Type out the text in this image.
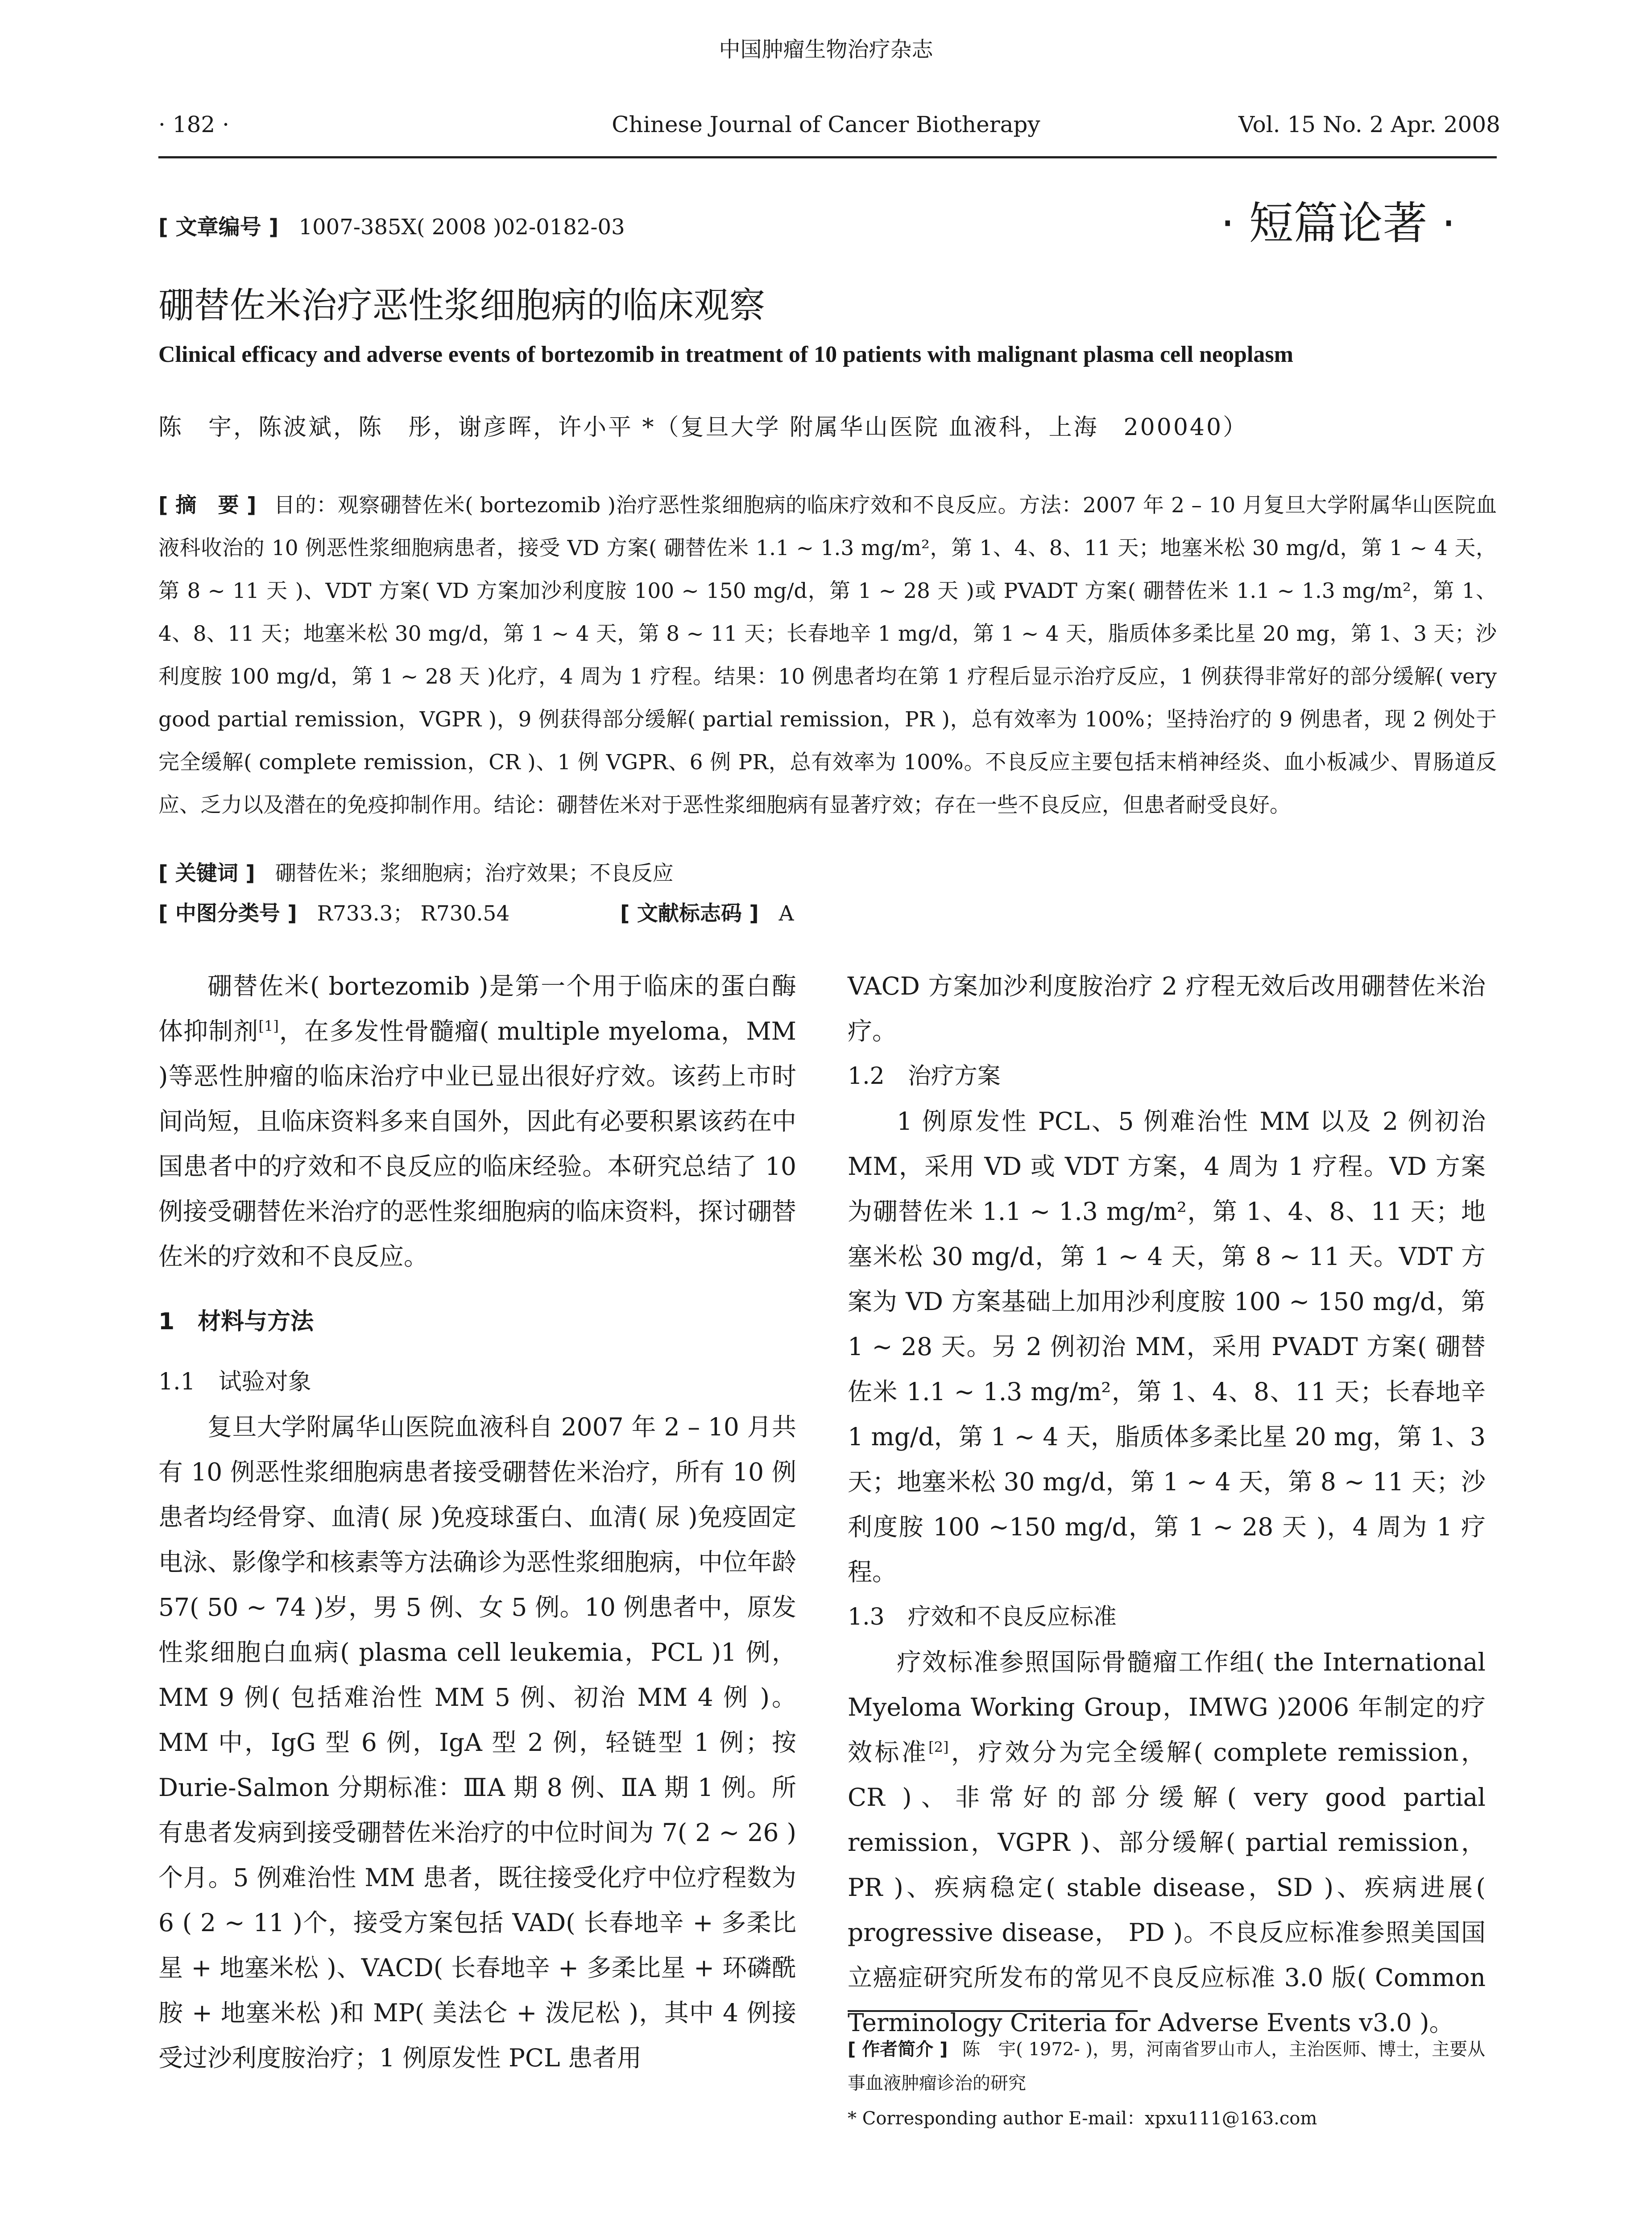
中国肿瘤生物治疗杂志
· 182 ·	Chinese Journal of Cancer Biotherapy	Vol. 15 No. 2 Apr. 2008
[ 文章编号 ] 1007-385X( 2008 )02-0182-03	· 短篇论著 ·
硼替佐米治疗恶性浆细胞病的临床观察
Clinical efficacy and adverse events of bortezomib in treatment of 10 patients with malignant plasma cell neoplasm
陈　宇，陈波斌，陈　彤，谢彦晖，许小平 *（复旦大学 附属华山医院 血液科，上海　200040）
[ 摘　要 ] 目的：观察硼替佐米( bortezomib )治疗恶性浆细胞病的临床疗效和不良反应。方法：2007 年 2 – 10 月复旦大学附属华山医院血液科收治的 10 例恶性浆细胞病患者，接受 VD 方案( 硼替佐米 1.1 ~ 1.3 mg/m²，第 1、4、8、11 天；地塞米松 30 mg/d，第 1 ~ 4 天，第 8 ~ 11 天 )、VDT 方案( VD 方案加沙利度胺 100 ~ 150 mg/d，第 1 ~ 28 天 )或 PVADT 方案( 硼替佐米 1.1 ~ 1.3 mg/m²，第 1、4、8、11 天；地塞米松 30 mg/d，第 1 ~ 4 天，第 8 ~ 11 天；长春地辛 1 mg/d，第 1 ~ 4 天，脂质体多柔比星 20 mg，第 1、3 天；沙利度胺 100 mg/d，第 1 ~ 28 天 )化疗，4 周为 1 疗程。结果：10 例患者均在第 1 疗程后显示治疗反应，1 例获得非常好的部分缓解( very good partial remission，VGPR )，9 例获得部分缓解( partial remission，PR )，总有效率为 100%；坚持治疗的 9 例患者，现 2 例处于完全缓解( complete remission，CR )、1 例 VGPR、6 例 PR，总有效率为 100%。不良反应主要包括末梢神经炎、血小板减少、胃肠道反应、乏力以及潜在的免疫抑制作用。结论：硼替佐米对于恶性浆细胞病有显著疗效；存在一些不良反应，但患者耐受良好。
[ 关键词 ] 硼替佐米；浆细胞病；治疗效果；不良反应
[ 中图分类号 ] R733.3； R730.54	[ 文献标志码 ] A

硼替佐米( bortezomib )是第一个用于临床的蛋白酶体抑制剂[1]，在多发性骨髓瘤( multiple myeloma，MM )等恶性肿瘤的临床治疗中业已显出很好疗效。该药上市时间尚短，且临床资料多来自国外，因此有必要积累该药在中国患者中的疗效和不良反应的临床经验。本研究总结了 10 例接受硼替佐米治疗的恶性浆细胞病的临床资料，探讨硼替佐米的疗效和不良反应。

1　材料与方法
1.1　试验对象

复旦大学附属华山医院血液科自 2007 年 2 – 10 月共有 10 例恶性浆细胞病患者接受硼替佐米治疗，所有 10 例患者均经骨穿、血清( 尿 )免疫球蛋白、血清( 尿 )免疫固定电泳、影像学和核素等方法确诊为恶性浆细胞病，中位年龄 57( 50 ~ 74 )岁，男 5 例、女 5 例。10 例患者中，原发性浆细胞白血病( plasma cell leukemia，PCL )1 例，MM 9 例( 包括难治性 MM 5 例、初治 MM 4 例 )。MM 中，IgG 型 6 例，IgA 型 2 例，轻链型 1 例；按 Durie-Salmon 分期标准：ⅢA 期 8 例、ⅡA 期 1 例。所有患者发病到接受硼替佐米治疗的中位时间为 7( 2 ~ 26 )个月。5 例难治性 MM 患者，既往接受化疗中位疗程数为 6 ( 2 ~ 11 )个，接受方案包括 VAD( 长春地辛 + 多柔比星 + 地塞米松 )、VACD( 长春地辛 + 多柔比星 + 环磷酰胺 + 地塞米松 )和 MP( 美法仑 + 泼尼松 )，其中 4 例接受过沙利度胺治疗；1 例原发性 PCL 患者用

VACD 方案加沙利度胺治疗 2 疗程无效后改用硼替佐米治疗。

1.2　治疗方案

1 例原发性 PCL、5 例难治性 MM 以及 2 例初治 MM，采用 VD 或 VDT 方案，4 周为 1 疗程。VD 方案为硼替佐米 1.1 ~ 1.3 mg/m²，第 1、4、8、11 天；地塞米松 30 mg/d，第 1 ~ 4 天，第 8 ~ 11 天。VDT 方案为 VD 方案基础上加用沙利度胺 100 ~ 150 mg/d，第 1 ~ 28 天。另 2 例初治 MM，采用 PVADT 方案( 硼替佐米 1.1 ~ 1.3 mg/m²，第 1、4、8、11 天；长春地辛 1 mg/d，第 1 ~ 4 天，脂质体多柔比星 20 mg，第 1、3 天；地塞米松 30 mg/d，第 1 ~ 4 天，第 8 ~ 11 天；沙利度胺 100 ~150 mg/d，第 1 ~ 28 天 )，4 周为 1 疗程。

1.3　疗效和不良反应标准

疗效标准参照国际骨髓瘤工作组( the International Myeloma Working Group，IMWG )2006 年制定的疗效标准[2]，疗效分为完全缓解( complete remission， CR )、非常好的部分缓解( very good partial remission，VGPR )、部分缓解( partial remission，PR )、疾病稳定( stable disease，SD )、疾病进展( progressive disease， PD )。不良反应标准参照美国国立癌症研究所发布的常见不良反应标准 3.0 版( Common Terminology Criteria for Adverse Events v3.0 )。

[ 作者简介 ] 陈　宇( 1972- )，男，河南省罗山市人，主治医师、博士，主要从事血液肿瘤诊治的研究
* Corresponding author E-mail：xpxu111@163.com
